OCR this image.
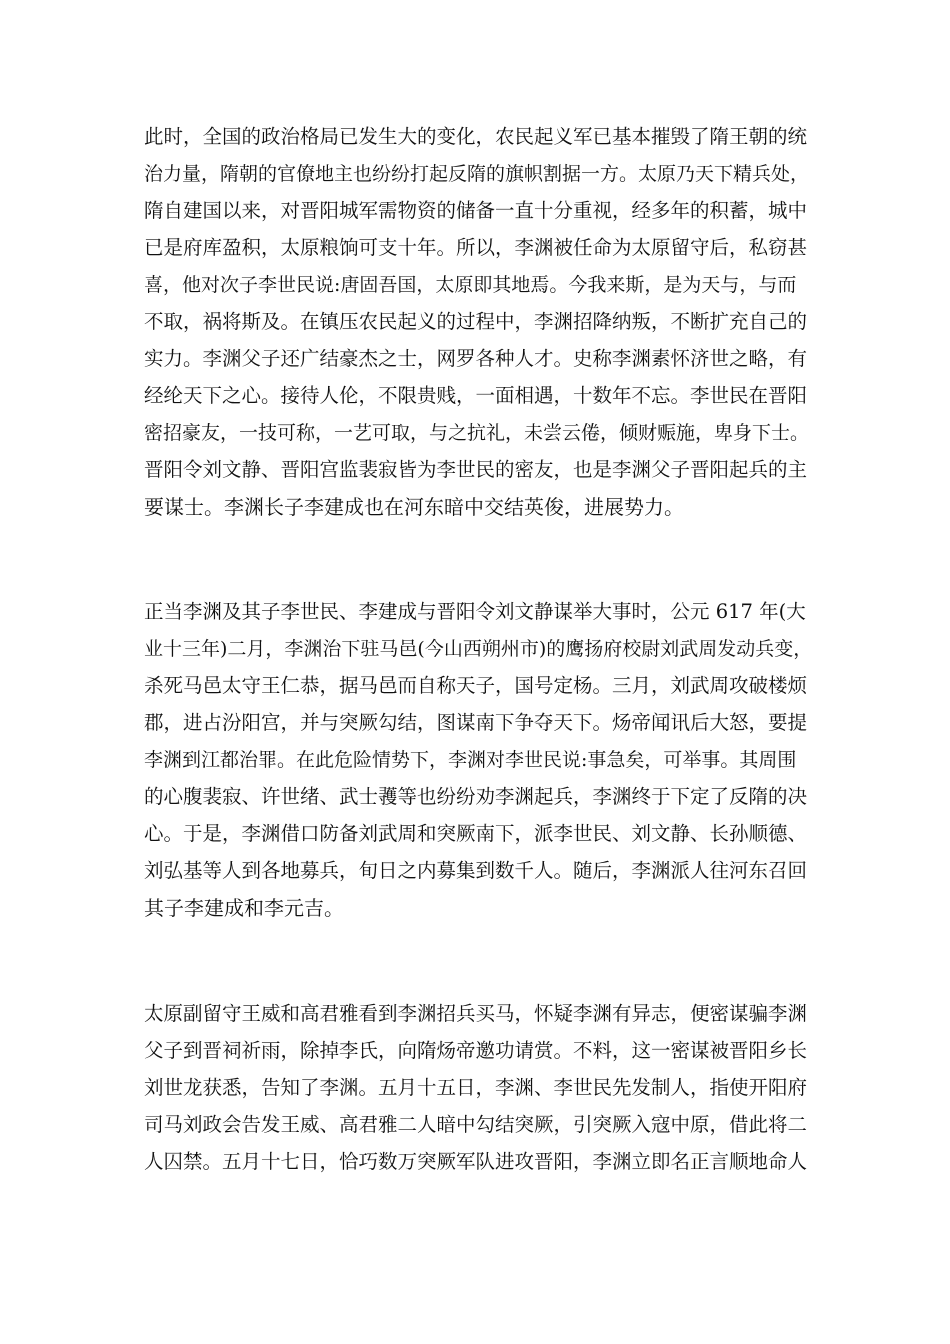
此时，全国的政治格局已发生大的变化，农民起义军已基本摧毁了隋王朝的统
治力量，隋朝的官僚地主也纷纷打起反隋的旗帜割据一方。太原乃天下精兵处，
隋自建国以来，对晋阳城军需物资的储备一直十分重视，经多年的积蓄，城中
已是府库盈积，太原粮饷可支十年。所以，李渊被任命为太原留守后，私窃甚
喜，他对次子李世民说:唐固吾国，太原即其地焉。今我来斯，是为天与，与而
不取，祸将斯及。在镇压农民起义的过程中，李渊招降纳叛，不断扩充自己的
实力。李渊父子还广结豪杰之士，网罗各种人才。史称李渊素怀济世之略，有
经纶天下之心。接待人伦，不限贵贱，一面相遇，十数年不忘。李世民在晋阳
密招豪友，一技可称，一艺可取，与之抗礼，未尝云倦，倾财赈施，卑身下士。
晋阳令刘文静、晋阳宫监裴寂皆为李世民的密友，也是李渊父子晋阳起兵的主
要谋士。李渊长子李建成也在河东暗中交结英俊，进展势力。
正当李渊及其子李世民、李建成与晋阳令刘文静谋举大事时，公元 617 年(大
业十三年)二月，李渊治下驻马邑(今山西朔州市)的鹰扬府校尉刘武周发动兵变，
杀死马邑太守王仁恭，据马邑而自称天子，国号定杨。三月，刘武周攻破楼烦
郡，进占汾阳宫，并与突厥勾结，图谋南下争夺天下。炀帝闻讯后大怒，要提
李渊到江都治罪。在此危险情势下，李渊对李世民说:事急矣，可举事。其周围
的心腹裴寂、许世绪、武士彟等也纷纷劝李渊起兵，李渊终于下定了反隋的决
心。于是，李渊借口防备刘武周和突厥南下，派李世民、刘文静、长孙顺德、
刘弘基等人到各地募兵，旬日之内募集到数千人。随后，李渊派人往河东召回
其子李建成和李元吉。
太原副留守王威和高君雅看到李渊招兵买马，怀疑李渊有异志，便密谋骗李渊
父子到晋祠祈雨，除掉李氏，向隋炀帝邀功请赏。不料，这一密谋被晋阳乡长
刘世龙获悉，告知了李渊。五月十五日，李渊、李世民先发制人，指使开阳府
司马刘政会告发王威、高君雅二人暗中勾结突厥，引突厥入寇中原，借此将二
人囚禁。五月十七日，恰巧数万突厥军队进攻晋阳，李渊立即名正言顺地命人
